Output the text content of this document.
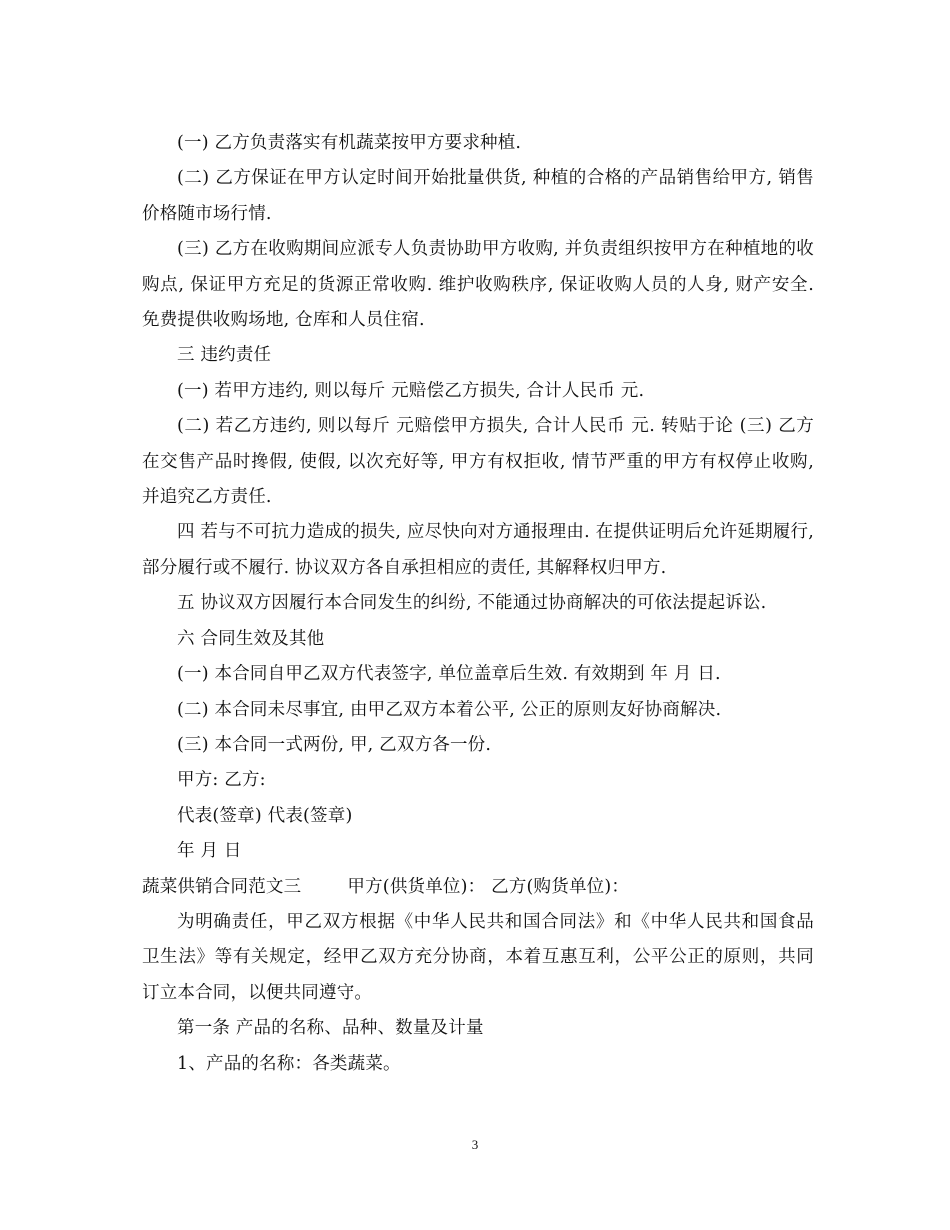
(一) 乙方负责落实有机蔬菜按甲方要求种植.

(二) 乙方保证在甲方认定时间开始批量供货, 种植的合格的产品销售给甲方, 销售价格随市场行情.

(三) 乙方在收购期间应派专人负责协助甲方收购, 并负责组织按甲方在种植地的收购点, 保证甲方充足的货源正常收购. 维护收购秩序, 保证收购人员的人身, 财产安全. 免费提供收购场地, 仓库和人员住宿.

三 违约责任

(一) 若甲方违约, 则以每斤 元赔偿乙方损失, 合计人民币 元.

(二) 若乙方违约, 则以每斤 元赔偿甲方损失, 合计人民币 元. 转贴于论 (三) 乙方在交售产品时搀假, 使假, 以次充好等, 甲方有权拒收, 情节严重的甲方有权停止收购, 并追究乙方责任.

四 若与不可抗力造成的损失, 应尽快向对方通报理由. 在提供证明后允许延期履行, 部分履行或不履行. 协议双方各自承担相应的责任, 其解释权归甲方.

五 协议双方因履行本合同发生的纠纷, 不能通过协商解决的可依法提起诉讼.

六 合同生效及其他

(一) 本合同自甲乙双方代表签字, 单位盖章后生效. 有效期到 年 月 日.

(二) 本合同未尽事宜, 由甲乙双方本着公平, 公正的原则友好协商解决.

(三) 本合同一式两份, 甲, 乙双方各一份.

甲方: 乙方:

代表(签章) 代表(签章)

年 月 日

蔬菜供销合同范文三        甲方(供货单位)： 乙方(购货单位)：

为明确责任，甲乙双方根据《中华人民共和国合同法》和《中华人民共和国食品卫生法》等有关规定，经甲乙双方充分协商，本着互惠互利，公平公正的原则，共同订立本合同，以便共同遵守。

第一条 产品的名称、品种、数量及计量

1、产品的名称：各类蔬菜。

3
